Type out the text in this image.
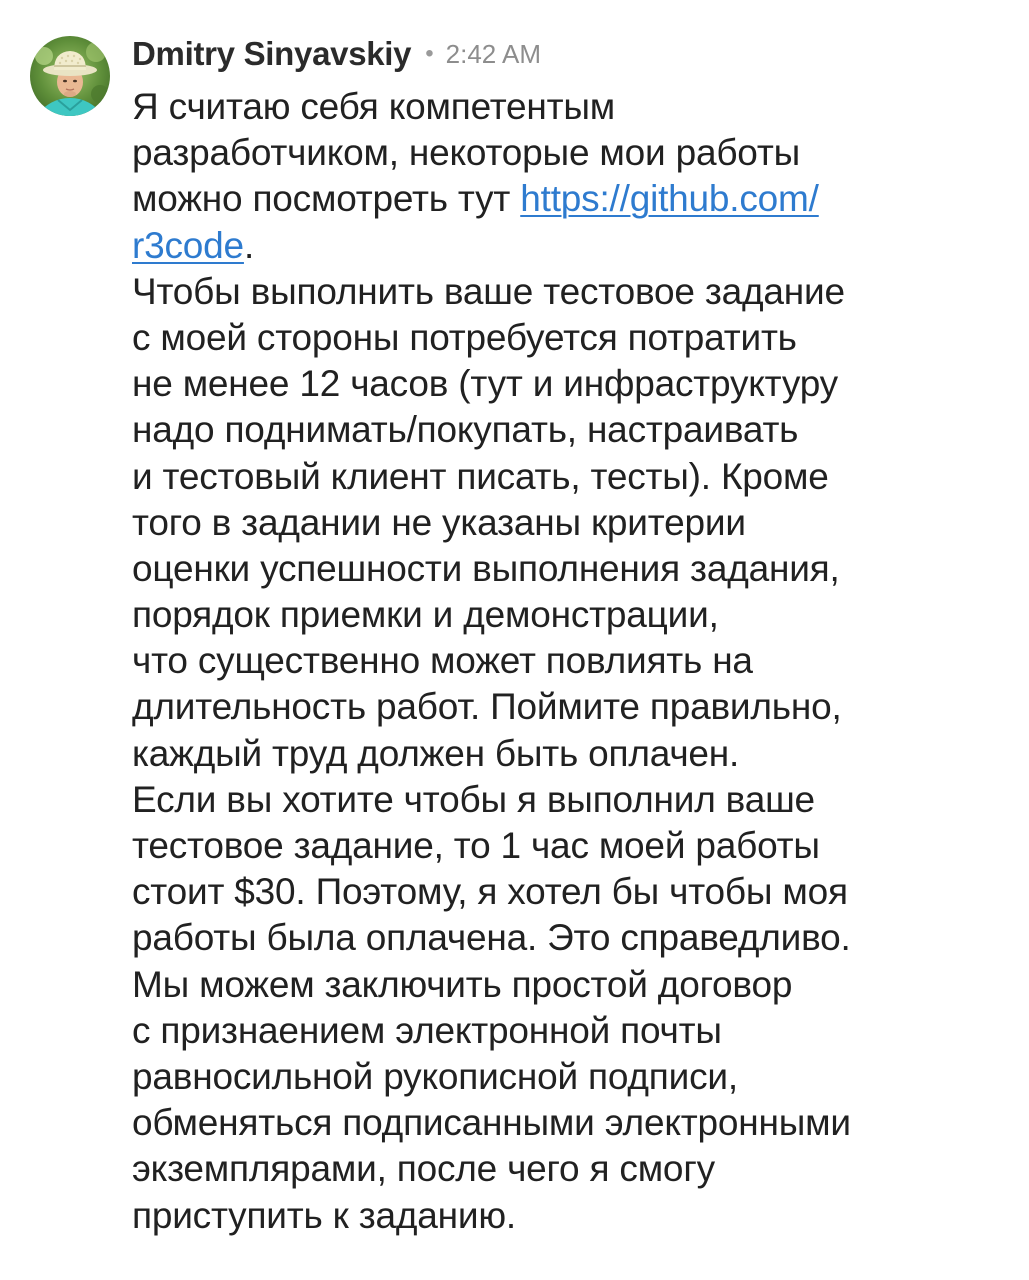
Dmitry Sinyavskiy • 2:42 AM
Я считаю себя компетентым
разработчиком, некоторые мои работы
можно посмотреть тут https://github.com/
r3code.
Чтобы выполнить ваше тестовое задание
с моей стороны потребуется потратить
не менее 12 часов (тут и инфраструктуру
надо поднимать/покупать, настраивать
и тестовый клиент писать, тесты). Кроме
того в задании не указаны критерии
оценки успешности выполнения задания,
порядок приемки и демонстрации,
что существенно может повлиять на
длительность работ. Поймите правильно,
каждый труд должен быть оплачен.
Если вы хотите чтобы я выполнил ваше
тестовое задание, то 1 час моей работы
стоит $30. Поэтому, я хотел бы чтобы моя
работы была оплачена. Это справедливо.
Мы можем заключить простой договор
с признаением электронной почты
равносильной рукописной подписи,
обменяться подписанными электронными
экземплярами, после чего я смогу
приступить к заданию.
